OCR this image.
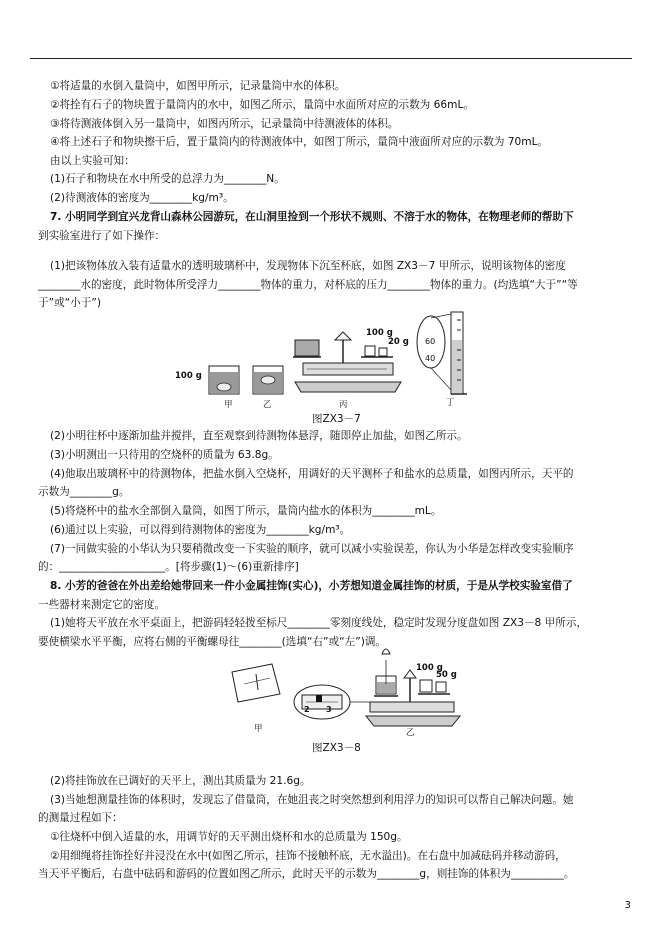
①将适量的水倒入量筒中，如图甲所示，记录量筒中水的体积。
②将拴有石子的物块置于量筒内的水中，如图乙所示，量筒中水面所对应的示数为 66mL。
③将待测液体倒入另一量筒中，如图丙所示，记录量筒中待测液体的体积。
④将上述石子和物块擦干后，置于量筒内的待测液体中，如图丁所示，量筒中液面所对应的示数为 70mL。
由以上实验可知：
(1)石子和物块在水中所受的总浮力为________N。
(2)待测液体的密度为________kg/m³。
7. 小明同学到宜兴龙背山森林公园游玩，在山洞里捡到一个形状不规则、不溶于水的物体，在物理老师的帮助下
到实验室进行了如下操作：
(1)把该物体放入装有适量水的透明玻璃杯中，发现物体下沉至杯底，如图 ZX3－7 甲所示，说明该物体的密度
________水的密度，此时物体所受浮力________物体的重力，对杯底的压力________物体的重力。(均选填“大于”“等
于”或“小于”)
100 g
甲	乙	丙	丁
100 g
20 g 60
40
图ZX3－7
(2)小明往杯中逐渐加盐并搅拌，直至观察到待测物体悬浮，随即停止加盐，如图乙所示。
(3)小明测出一只待用的空烧杯的质量为 63.8g。
(4)他取出玻璃杯中的待测物体，把盐水倒入空烧杯，用调好的天平测杯子和盐水的总质量，如图丙所示，天平的
示数为________g。
(5)将烧杯中的盐水全部倒入量筒，如图丁所示，量筒内盐水的体积为________mL。
(6)通过以上实验，可以得到待测物体的密度为________kg/m³。
(7)一同做实验的小华认为只要稍微改变一下实验的顺序，就可以减小实验误差，你认为小华是怎样改变实验顺序
的：____________________。[将步骤(1)～(6)重新排序]
8. 小芳的爸爸在外出差给她带回来一件小金属挂饰(实心)，小芳想知道金属挂饰的材质，于是从学校实验室借了
一些器材来测定它的密度。
(1)她将天平放在水平桌面上，把游码轻轻拨至标尺________零刻度线处，稳定时发现分度盘如图 ZX3－8 甲所示，
要使横梁水平平衡，应将右侧的平衡螺母往________(选填“右”或“左”)调。
100 g
50 g
2 3
甲	乙
图ZX3－8
(2)将挂饰放在已调好的天平上，测出其质量为 21.6g。
(3)当她想测量挂饰的体积时，发现忘了借量筒，在她沮丧之时突然想到利用浮力的知识可以帮自己解决问题。她
的测量过程如下：
①往烧杯中倒入适量的水，用调节好的天平测出烧杯和水的总质量为 150g。
②用细绳将挂饰拴好并浸没在水中(如图乙所示，挂饰不接触杯底，无水溢出)。在右盘中加减砝码并移动游码，
当天平平衡后，右盘中砝码和游码的位置如图乙所示，此时天平的示数为________g，则挂饰的体积为__________。
3
